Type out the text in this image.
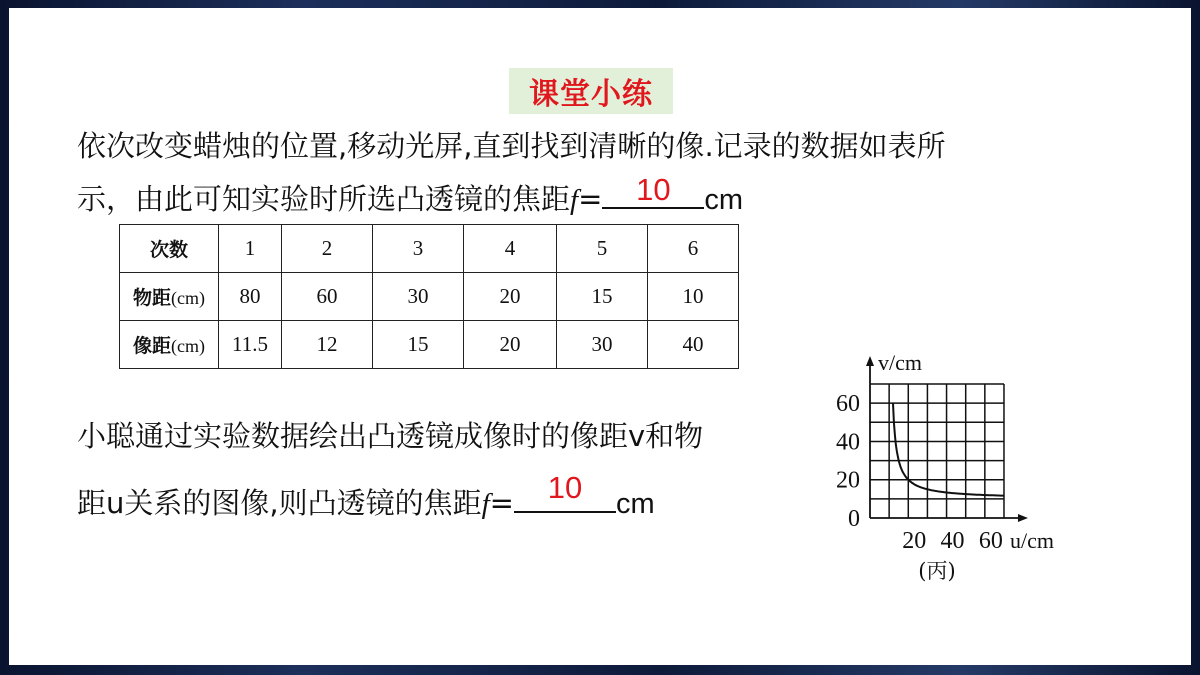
课堂小练
依次改变蜡烛的位置,移动光屏,直到找到清晰的像.记录的数据如表所
示，由此可知实验时所选凸透镜的焦距f=	10	cm
次数	1	2	3	4	5	6
物距(cm)	80	60	30	20	15	10
像距(cm)	11.5	12	15	20	30	40
小聪通过实验数据绘出凸透镜成像时的像距v和物
距u关系的图像,则凸透镜的焦距f=	10	cm	0
20
40
60
20 40 60
v/cm
u/cm
(丙)
